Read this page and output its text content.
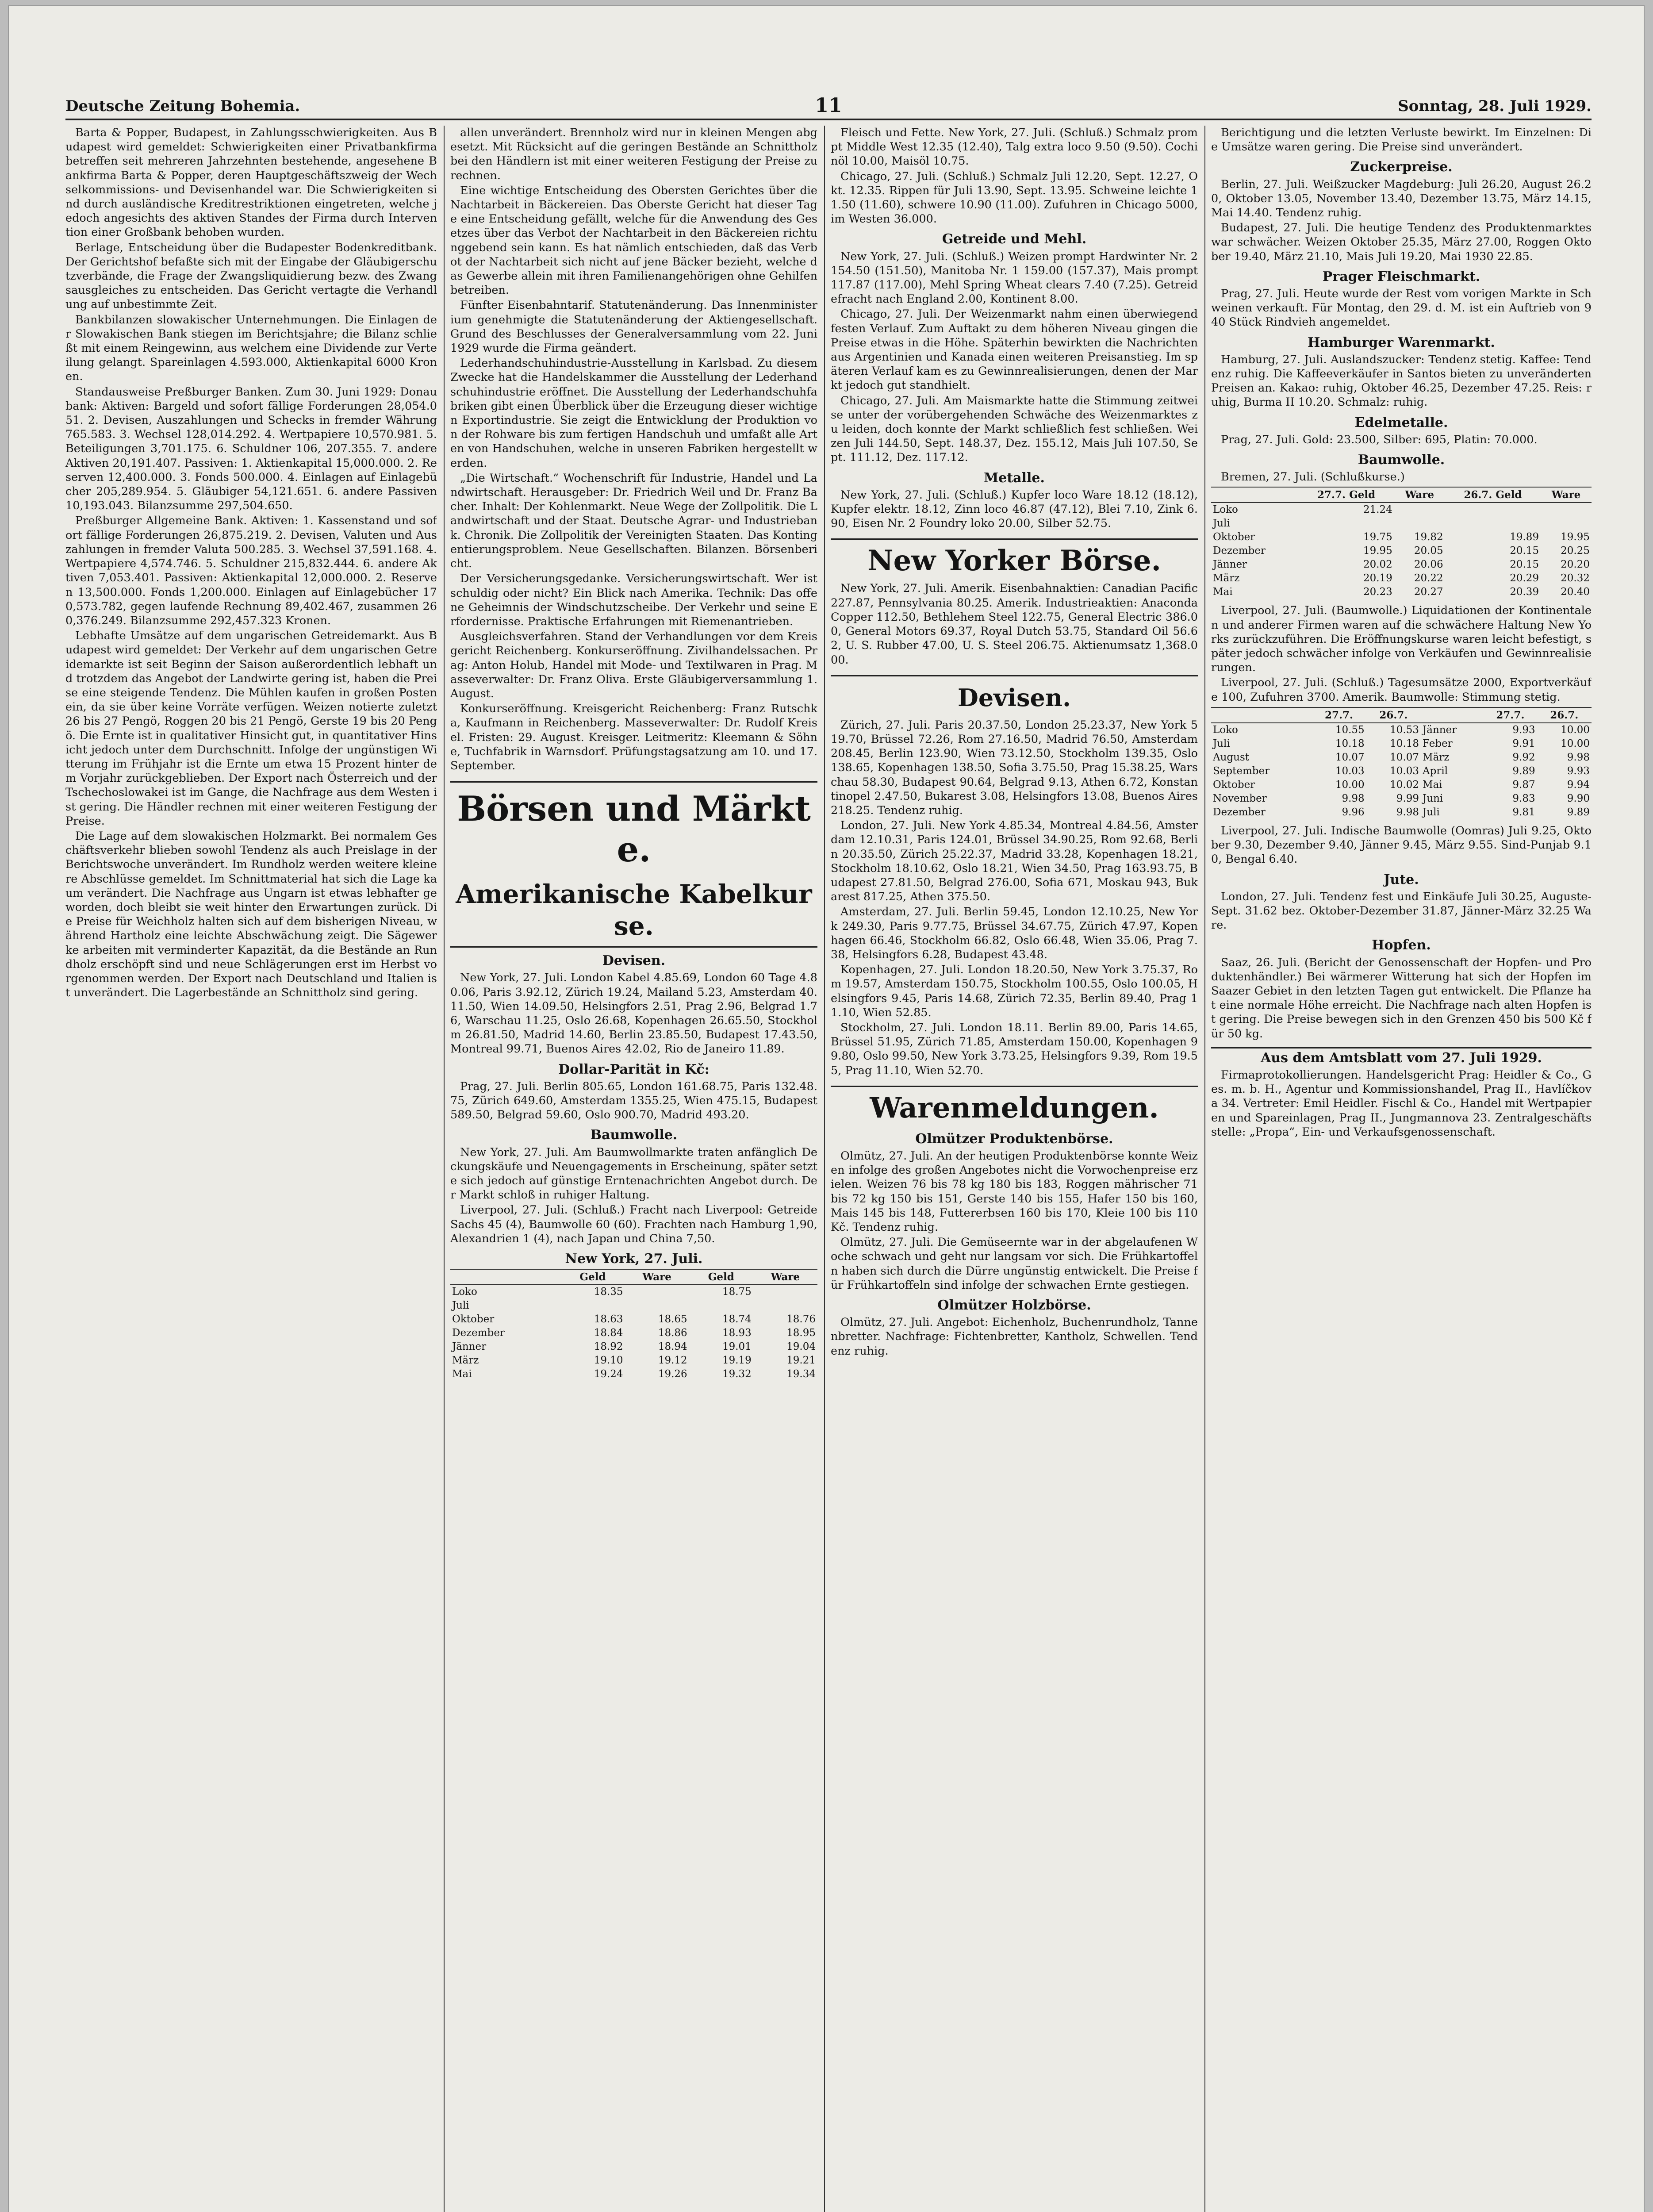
Deutsche Zeitung Bohemia.	11	Sonntag, 28. Juli 1929.

Barta & Popper, Budapest, in Zahlungsschwierigkeiten. Aus Budapest wird gemeldet: Schwierigkeiten einer Privatbankfirma betreffen seit mehreren Jahrzehnten bestehende, angesehene Bankfirma Barta & Popper, deren Hauptgeschäftszweig der Wechselkommissions- und Devisenhandel war. Die Schwierigkeiten sind durch ausländische Kreditrestriktionen eingetreten, welche jedoch angesichts des aktiven Standes der Firma durch Intervention einer Großbank behoben wurden.

Berlage, Entscheidung über die Budapester Bodenkreditbank. Der Gerichtshof befaßte sich mit der Eingabe der Gläubigerschutzverbände, die Frage der Zwangsliquidierung bezw. des Zwangsausgleiches zu entscheiden. Das Gericht vertagte die Verhandlung auf unbestimmte Zeit.

Bankbilanzen slowakischer Unternehmungen. Die Einlagen der Slowakischen Bank stiegen im Berichtsjahre; die Bilanz schließt mit einem Reingewinn, aus welchem eine Dividende zur Verteilung gelangt. Spareinlagen 4.593.000, Aktienkapital 6000 Kronen.

Standausweise Preßburger Banken. Zum 30. Juni 1929: Donaubank: Aktiven: Bargeld und sofort fällige Forderungen 28,054.051. 2. Devisen, Auszahlungen und Schecks in fremder Währung 765.583. 3. Wechsel 128,014.292. 4. Wertpapiere 10,570.981. 5. Beteiligungen 3,701.175. 6. Schuldner 106, 207.355. 7. andere Aktiven 20,191.407. Passiven: 1. Aktienkapital 15,000.000. 2. Reserven 12,400.000. 3. Fonds 500.000. 4. Einlagen auf Einlagebücher 205,289.954. 5. Gläubiger 54,121.651. 6. andere Passiven 10,193.043. Bilanzsumme 297,504.650.

Preßburger Allgemeine Bank. Aktiven: 1. Kassenstand und sofort fällige Forderungen 26,875.219. 2. Devisen, Valuten und Auszahlungen in fremder Valuta 500.285. 3. Wechsel 37,591.168. 4. Wertpapiere 4,574.746. 5. Schuldner 215,832.444. 6. andere Aktiven 7,053.401. Passiven: Aktienkapital 12,000.000. 2. Reserven 13,500.000. Fonds 1,200.000. Einlagen auf Einlagebücher 170,573.782, gegen laufende Rechnung 89,402.467, zusammen 260,376.249. Bilanzsumme 292,457.323 Kronen.

Lebhafte Umsätze auf dem ungarischen Getreidemarkt. Aus Budapest wird gemeldet: Der Verkehr auf dem ungarischen Getreidemarkte ist seit Beginn der Saison außerordentlich lebhaft und trotzdem das Angebot der Landwirte gering ist, haben die Preise eine steigende Tendenz. Die Mühlen kaufen in großen Posten ein, da sie über keine Vorräte verfügen. Weizen notierte zuletzt 26 bis 27 Pengö, Roggen 20 bis 21 Pengö, Gerste 19 bis 20 Pengö. Die Ernte ist in qualitativer Hinsicht gut, in quantitativer Hinsicht jedoch unter dem Durchschnitt. Infolge der ungünstigen Witterung im Frühjahr ist die Ernte um etwa 15 Prozent hinter dem Vorjahr zurückgeblieben. Der Export nach Österreich und der Tschechoslowakei ist im Gange, die Nachfrage aus dem Westen ist gering. Die Händler rechnen mit einer weiteren Festigung der Preise.

Die Lage auf dem slowakischen Holzmarkt. Bei normalem Geschäftsverkehr blieben sowohl Tendenz als auch Preislage in der Berichtswoche unverändert. Im Rundholz werden weitere kleinere Abschlüsse gemeldet. Im Schnittmaterial hat sich die Lage kaum verändert. Die Nachfrage aus Ungarn ist etwas lebhafter geworden, doch bleibt sie weit hinter den Erwartungen zurück. Die Preise für Weichholz halten sich auf dem bisherigen Niveau, während Hartholz eine leichte Abschwächung zeigt. Die Sägewerke arbeiten mit verminderter Kapazität, da die Bestände an Rundholz erschöpft sind und neue Schlägerungen erst im Herbst vorgenommen werden. Der Export nach Deutschland und Italien ist unverändert. Die Lagerbestände an Schnittholz sind gering.

allen unverändert. Brennholz wird nur in kleinen Mengen abgesetzt. Mit Rücksicht auf die geringen Bestände an Schnittholz bei den Händlern ist mit einer weiteren Festigung der Preise zu rechnen.

Eine wichtige Entscheidung des Obersten Gerichtes über die Nachtarbeit in Bäckereien. Das Oberste Gericht hat dieser Tage eine Entscheidung gefällt, welche für die Anwendung des Gesetzes über das Verbot der Nachtarbeit in den Bäckereien richtunggebend sein kann. Es hat nämlich entschieden, daß das Verbot der Nachtarbeit sich nicht auf jene Bäcker bezieht, welche das Gewerbe allein mit ihren Familienangehörigen ohne Gehilfen betreiben.

Fünfter Eisenbahntarif. Statutenänderung. Das Innenministerium genehmigte die Statutenänderung der Aktiengesellschaft. Grund des Beschlusses der Generalversammlung vom 22. Juni 1929 wurde die Firma geändert.

Lederhandschuhindustrie-Ausstellung in Karlsbad. Zu diesem Zwecke hat die Handelskammer die Ausstellung der Lederhandschuhindustrie eröffnet. Die Ausstellung der Lederhandschuhfabriken gibt einen Überblick über die Erzeugung dieser wichtigen Exportindustrie. Sie zeigt die Entwicklung der Produktion von der Rohware bis zum fertigen Handschuh und umfaßt alle Arten von Handschuhen, welche in unseren Fabriken hergestellt werden.

„Die Wirtschaft.“ Wochenschrift für Industrie, Handel und Landwirtschaft. Herausgeber: Dr. Friedrich Weil und Dr. Franz Bacher. Inhalt: Der Kohlenmarkt. Neue Wege der Zollpolitik. Die Landwirtschaft und der Staat. Deutsche Agrar- und Industriebank. Chronik. Die Zollpolitik der Vereinigten Staaten. Das Kontingentierungsproblem. Neue Gesellschaften. Bilanzen. Börsenbericht.

Der Versicherungsgedanke. Versicherungswirtschaft. Wer ist schuldig oder nicht? Ein Blick nach Amerika. Technik: Das offene Geheimnis der Windschutzscheibe. Der Verkehr und seine Erfordernisse. Praktische Erfahrungen mit Riemenantrieben.

Ausgleichsverfahren. Stand der Verhandlungen vor dem Kreisgericht Reichenberg. Konkurseröffnung. Zivilhandelssachen. Prag: Anton Holub, Handel mit Mode- und Textilwaren in Prag. Masseverwalter: Dr. Franz Oliva. Erste Gläubigerversammlung 1. August.

Konkurseröffnung. Kreisgericht Reichenberg: Franz Rutschka, Kaufmann in Reichenberg. Masseverwalter: Dr. Rudolf Kreisel. Fristen: 29. August. Kreisger. Leitmeritz: Kleemann & Söhne, Tuchfabrik in Warnsdorf. Prüfungstagsatzung am 10. und 17. September.

Börsen und Märkte.
Amerikanische Kabelkurse.
Devisen.

New York, 27. Juli. London Kabel 4.85.69, London 60 Tage 4.80.06, Paris 3.92.12, Zürich 19.24, Mailand 5.23, Amsterdam 40.11.50, Wien 14.09.50, Helsingfors 2.51, Prag 2.96, Belgrad 1.76, Warschau 11.25, Oslo 26.68, Kopenhagen 26.65.50, Stockholm 26.81.50, Madrid 14.60, Berlin 23.85.50, Budapest 17.43.50, Montreal 99.71, Buenos Aires 42.02, Rio de Janeiro 11.89.

Dollar-Parität in Kč:

Prag, 27. Juli. Berlin 805.65, London 161.68.75, Paris 132.48.75, Zürich 649.60, Amsterdam 1355.25, Wien 475.15, Budapest 589.50, Belgrad 59.60, Oslo 900.70, Madrid 493.20.

Baumwolle.

New York, 27. Juli. Am Baumwollmarkte traten anfänglich Deckungskäufe und Neuengagements in Erscheinung, später setzte sich jedoch auf günstige Erntenachrichten Angebot durch. Der Markt schloß in ruhiger Haltung.

Liverpool, 27. Juli. (Schluß.) Fracht nach Liverpool: Getreide Sachs 45 (4), Baumwolle 60 (60). Frachten nach Hamburg 1,90, Alexandrien 1 (4), nach Japan und China 7,50.

New York, 27. Juli.
	Geld	Ware	Geld	Ware
Loko	18.35		18.75	
Juli				
Oktober	18.63	18.65	18.74	18.76
Dezember	18.84	18.86	18.93	18.95
Jänner	18.92	18.94	19.01	19.04
März	19.10	19.12	19.19	19.21
Mai	19.24	19.26	19.32	19.34

Fleisch und Fette. New York, 27. Juli. (Schluß.) Schmalz prompt Middle West 12.35 (12.40), Talg extra loco 9.50 (9.50). Cochinöl 10.00, Maisöl 10.75.

Chicago, 27. Juli. (Schluß.) Schmalz Juli 12.20, Sept. 12.27, Okt. 12.35. Rippen für Juli 13.90, Sept. 13.95. Schweine leichte 11.50 (11.60), schwere 10.90 (11.00). Zufuhren in Chicago 5000, im Westen 36.000.

Getreide und Mehl.

New York, 27. Juli. (Schluß.) Weizen prompt Hardwinter Nr. 2 154.50 (151.50), Manitoba Nr. 1 159.00 (157.37), Mais prompt 117.87 (117.00), Mehl Spring Wheat clears 7.40 (7.25). Getreidefracht nach England 2.00, Kontinent 8.00.

Chicago, 27. Juli. Der Weizenmarkt nahm einen überwiegend festen Verlauf. Zum Auftakt zu dem höheren Niveau gingen die Preise etwas in die Höhe. Späterhin bewirkten die Nachrichten aus Argentinien und Kanada einen weiteren Preisanstieg. Im späteren Verlauf kam es zu Gewinnrealisierungen, denen der Markt jedoch gut standhielt.

Chicago, 27. Juli. Am Maismarkte hatte die Stimmung zeitweise unter der vorübergehenden Schwäche des Weizenmarktes zu leiden, doch konnte der Markt schließlich fest schließen. Weizen Juli 144.50, Sept. 148.37, Dez. 155.12, Mais Juli 107.50, Sept. 111.12, Dez. 117.12.

Metalle.

New York, 27. Juli. (Schluß.) Kupfer loco Ware 18.12 (18.12), Kupfer elektr. 18.12, Zinn loco 46.87 (47.12), Blei 7.10, Zink 6.90, Eisen Nr. 2 Foundry loko 20.00, Silber 52.75.

New Yorker Börse.

New York, 27. Juli. Amerik. Eisenbahnaktien: Canadian Pacific 227.87, Pennsylvania 80.25. Amerik. Industrieaktien: Anaconda Copper 112.50, Bethlehem Steel 122.75, General Electric 386.00, General Motors 69.37, Royal Dutch 53.75, Standard Oil 56.62, U. S. Rubber 47.00, U. S. Steel 206.75. Aktienumsatz 1,368.000.

Devisen.

Zürich, 27. Juli. Paris 20.37.50, London 25.23.37, New York 519.70, Brüssel 72.26, Rom 27.16.50, Madrid 76.50, Amsterdam 208.45, Berlin 123.90, Wien 73.12.50, Stockholm 139.35, Oslo 138.65, Kopenhagen 138.50, Sofia 3.75.50, Prag 15.38.25, Warschau 58.30, Budapest 90.64, Belgrad 9.13, Athen 6.72, Konstantinopel 2.47.50, Bukarest 3.08, Helsingfors 13.08, Buenos Aires 218.25. Tendenz ruhig.

London, 27. Juli. New York 4.85.34, Montreal 4.84.56, Amsterdam 12.10.31, Paris 124.01, Brüssel 34.90.25, Rom 92.68, Berlin 20.35.50, Zürich 25.22.37, Madrid 33.28, Kopenhagen 18.21, Stockholm 18.10.62, Oslo 18.21, Wien 34.50, Prag 163.93.75, Budapest 27.81.50, Belgrad 276.00, Sofia 671, Moskau 943, Bukarest 817.25, Athen 375.50.

Amsterdam, 27. Juli. Berlin 59.45, London 12.10.25, New York 249.30, Paris 9.77.75, Brüssel 34.67.75, Zürich 47.97, Kopenhagen 66.46, Stockholm 66.82, Oslo 66.48, Wien 35.06, Prag 7.38, Helsingfors 6.28, Budapest 43.48.

Kopenhagen, 27. Juli. London 18.20.50, New York 3.75.37, Rom 19.57, Amsterdam 150.75, Stockholm 100.55, Oslo 100.05, Helsingfors 9.45, Paris 14.68, Zürich 72.35, Berlin 89.40, Prag 11.10, Wien 52.85.

Stockholm, 27. Juli. London 18.11. Berlin 89.00, Paris 14.65, Brüssel 51.95, Zürich 71.85, Amsterdam 150.00, Kopenhagen 99.80, Oslo 99.50, New York 3.73.25, Helsingfors 9.39, Rom 19.55, Prag 11.10, Wien 52.70.

Warenmeldungen.
Olmützer Produktenbörse.

Olmütz, 27. Juli. An der heutigen Produktenbörse konnte Weizen infolge des großen Angebotes nicht die Vorwochenpreise erzielen. Weizen 76 bis 78 kg 180 bis 183, Roggen mährischer 71 bis 72 kg 150 bis 151, Gerste 140 bis 155, Hafer 150 bis 160, Mais 145 bis 148, Futtererbsen 160 bis 170, Kleie 100 bis 110 Kč. Tendenz ruhig.

Olmütz, 27. Juli. Die Gemüseernte war in der abgelaufenen Woche schwach und geht nur langsam vor sich. Die Frühkartoffeln haben sich durch die Dürre ungünstig entwickelt. Die Preise für Frühkartoffeln sind infolge der schwachen Ernte gestiegen.

Olmützer Holzbörse.

Olmütz, 27. Juli. Angebot: Eichenholz, Buchenrundholz, Tannenbretter. Nachfrage: Fichtenbretter, Kantholz, Schwellen. Tendenz ruhig.

Berichtigung und die letzten Verluste bewirkt. Im Einzelnen: Die Umsätze waren gering. Die Preise sind unverändert.

Zuckerpreise.

Berlin, 27. Juli. Weißzucker Magdeburg: Juli 26.20, August 26.20, Oktober 13.05, November 13.40, Dezember 13.75, März 14.15, Mai 14.40. Tendenz ruhig.

Budapest, 27. Juli. Die heutige Tendenz des Produktenmarktes war schwächer. Weizen Oktober 25.35, März 27.00, Roggen Oktober 19.40, März 21.10, Mais Juli 19.20, Mai 1930 22.85.

Prager Fleischmarkt.

Prag, 27. Juli. Heute wurde der Rest vom vorigen Markte in Schweinen verkauft. Für Montag, den 29. d. M. ist ein Auftrieb von 940 Stück Rindvieh angemeldet.

Hamburger Warenmarkt.

Hamburg, 27. Juli. Auslandszucker: Tendenz stetig. Kaffee: Tendenz ruhig. Die Kaffeeverkäufer in Santos bieten zu unveränderten Preisen an. Kakao: ruhig, Oktober 46.25, Dezember 47.25. Reis: ruhig, Burma II 10.20. Schmalz: ruhig.

Edelmetalle.

Prag, 27. Juli. Gold: 23.500, Silber: 695, Platin: 70.000.

Baumwolle.

Bremen, 27. Juli. (Schlußkurse.)

	27.7. Geld	Ware	26.7. Geld	Ware
Loko	21.24			
Juli				
Oktober	19.75	19.82	19.89	19.95
Dezember	19.95	20.05	20.15	20.25
Jänner	20.02	20.06	20.15	20.20
März	20.19	20.22	20.29	20.32
Mai	20.23	20.27	20.39	20.40

Liverpool, 27. Juli. (Baumwolle.) Liquidationen der Kontinentalen und anderer Firmen waren auf die schwächere Haltung New Yorks zurückzuführen. Die Eröffnungskurse waren leicht befestigt, später jedoch schwächer infolge von Verkäufen und Gewinnrealisierungen.

Liverpool, 27. Juli. (Schluß.) Tagesumsätze 2000, Exportverkäufe 100, Zufuhren 3700. Amerik. Baumwolle: Stimmung stetig.

	27.7.	26.7.		27.7.	26.7.
Loko	10.55	10.53	Jänner	9.93	10.00
Juli	10.18	10.18	Feber	9.91	10.00
August	10.07	10.07	März	9.92	9.98
September	10.03	10.03	April	9.89	9.93
Oktober	10.00	10.02	Mai	9.87	9.94
November	9.98	9.99	Juni	9.83	9.90
Dezember	9.96	9.98	Juli	9.81	9.89

Liverpool, 27. Juli. Indische Baumwolle (Oomras) Juli 9.25, Oktober 9.30, Dezember 9.40, Jänner 9.45, März 9.55. Sind-Punjab 9.10, Bengal 6.40.

Jute.

London, 27. Juli. Tendenz fest und Einkäufe Juli 30.25, Auguste-Sept. 31.62 bez. Oktober-Dezember 31.87, Jänner-März 32.25 Ware.

Hopfen.

Saaz, 26. Juli. (Bericht der Genossenschaft der Hopfen- und Produktenhändler.) Bei wärmerer Witterung hat sich der Hopfen im Saazer Gebiet in den letzten Tagen gut entwickelt. Die Pflanze hat eine normale Höhe erreicht. Die Nachfrage nach alten Hopfen ist gering. Die Preise bewegen sich in den Grenzen 450 bis 500 Kč für 50 kg.

Aus dem Amtsblatt vom 27. Juli 1929.

Firmaprotokollierungen. Handelsgericht Prag: Heidler & Co., Ges. m. b. H., Agentur und Kommissionshandel, Prag II., Havlíčkova 34. Vertreter: Emil Heidler. Fischl & Co., Handel mit Wertpapieren und Spareinlagen, Prag II., Jungmannova 23. Zentralgeschäftsstelle: „Propa“, Ein- und Verkaufsgenossenschaft.
